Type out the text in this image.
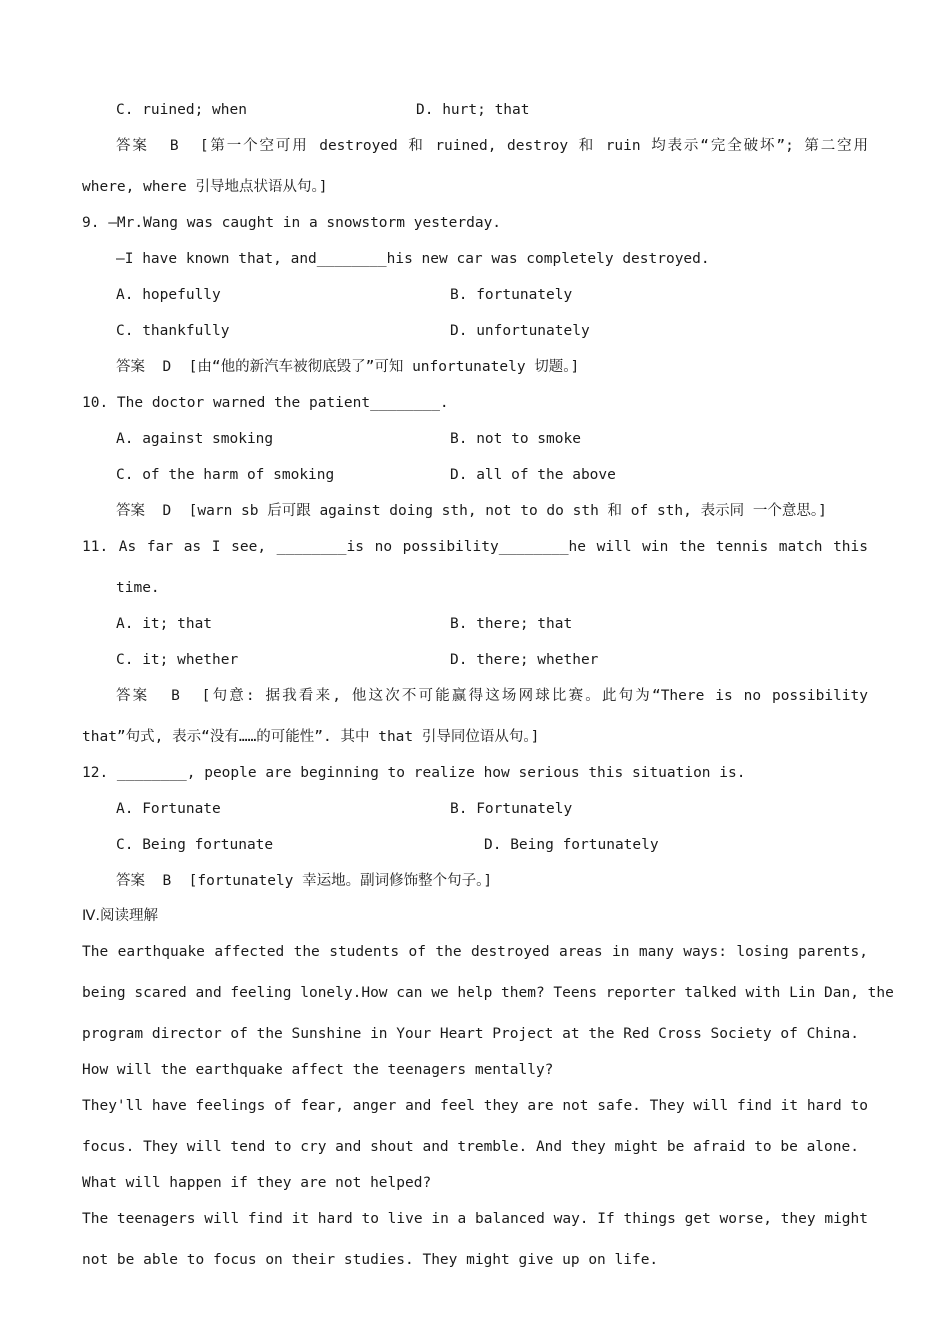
C. ruined; when	D. hurt; that
答案  B  [第一个空可用 destroyed 和 ruined, destroy 和 ruin 均表示“完全破坏”; 第二空用
where, where 引导地点状语从句。]
9. —Mr.Wang was caught in a snowstorm yesterday.
—I have known that, and________his new car was completely destroyed.
A. hopefully	B. fortunately
C. thankfully	D. unfortunately
答案  D  [由“他的新汽车被彻底毁了”可知 unfortunately 切题。]
10. The doctor warned the patient________.
A. against smoking	B. not to smoke
C. of the harm of smoking	D. all of the above
答案  D  [warn sb 后可跟 against doing sth, not to do sth 和 of sth, 表示同 一个意思。]
11. As far as I see, ________is no possibility________he will win the tennis match this
time.
A. it; that	B. there; that
C. it; whether	D. there; whether
答案  B  [句意: 据我看来, 他这次不可能赢得这场网球比赛。此句为“There is no possibility
that”句式, 表示“没有……的可能性”. 其中 that 引导同位语从句。]
12. ________, people are beginning to realize how serious this situation is.
A. Fortunate	B. Fortunately
C. Being fortunate	D. Being fortunately
答案  B  [fortunately 幸运地。副词修饰整个句子。]
Ⅳ.阅读理解
The earthquake affected the students of the destroyed areas in many ways: losing parents,
being scared and feeling lonely.How can we help them? Teens reporter talked with Lin Dan, the
program director of the Sunshine in Your Heart Project at the Red Cross Society of China.
How will the earthquake affect the teenagers mentally?
They'll have feelings of fear, anger and feel they are not safe. They will find it hard to
focus. They will tend to cry and shout and tremble. And they might be afraid to be alone.
What will happen if they are not helped?
The teenagers will find it hard to live in a balanced way. If things get worse, they might
not be able to focus on their studies. They might give up on life.
